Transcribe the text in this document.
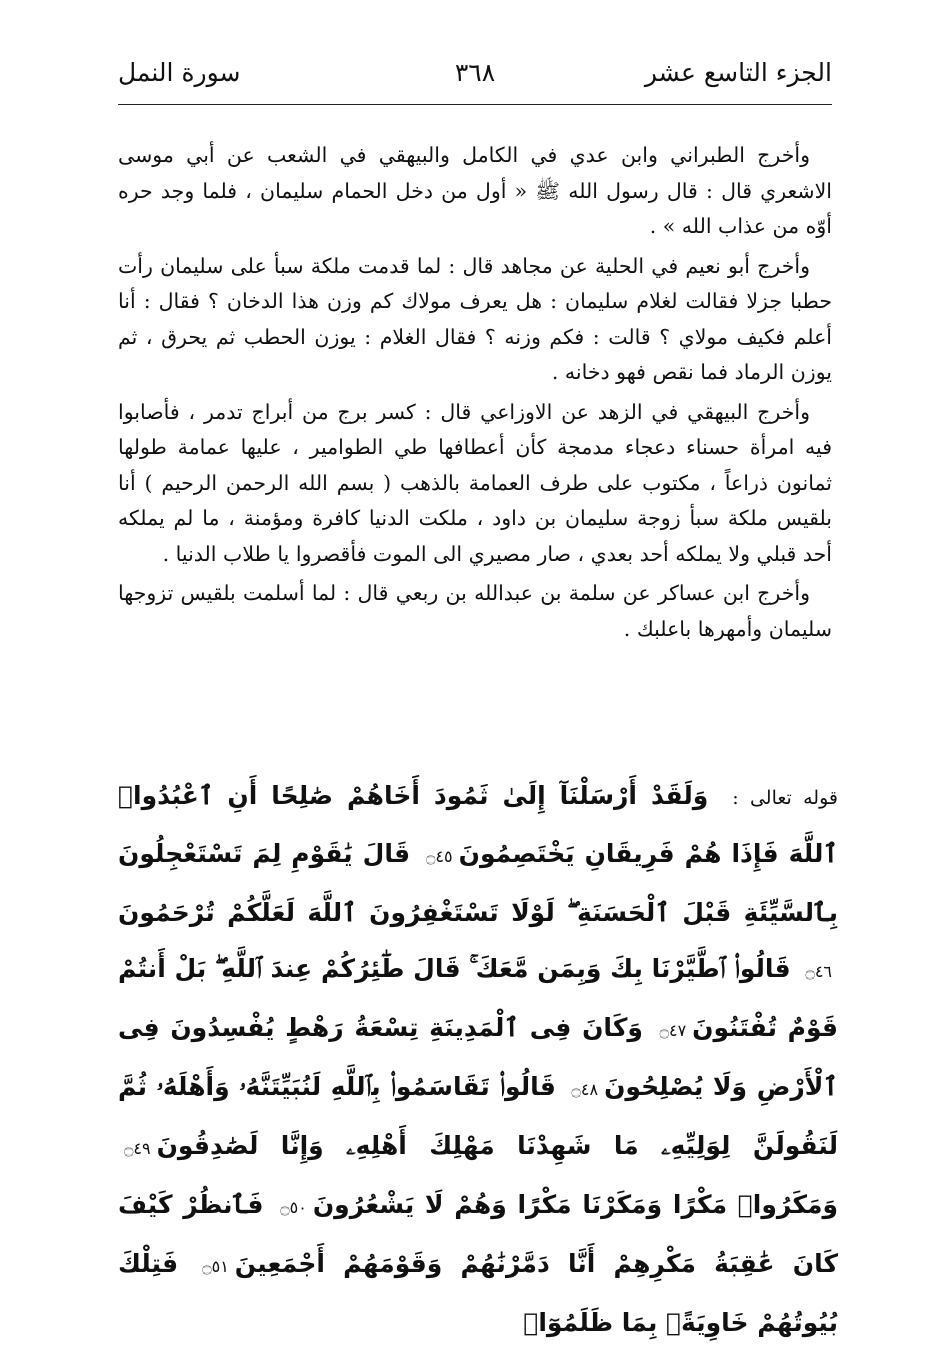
الجزء التاسع عشر
٣٦٨
سورة النمل

وأخرج الطبراني وابن عدي في الكامل والبيهقي في الشعب عن أبي موسى الاشعري قال : قال رسول الله ﷺ « أول من دخل الحمام سليمان ، فلما وجد حره أوّه من عذاب الله » .

وأخرج أبو نعيم في الحلية عن مجاهد قال : لما قدمت ملكة سبأ على سليمان رأت حطبا جزلا فقالت لغلام سليمان : هل يعرف مولاك كم وزن هذا الدخان ؟ فقال : أنا أعلم فكيف مولاي ؟ قالت : فكم وزنه ؟ فقال الغلام : يوزن الحطب ثم يحرق ، ثم يوزن الرماد فما نقص فهو دخانه .

وأخرج البيهقي في الزهد عن الاوزاعي قال : كسر برج من أبراج تدمر ، فأصابوا فيه امرأة حسناء دعجاء مدمجة كأن أعطافها طي الطوامير ، عليها عمامة طولها ثمانون ذراعاً ، مكتوب على طرف العمامة بالذهب ( بسم الله الرحمن الرحيم ) أنا بلقيس ملكة سبأ زوجة سليمان بن داود ، ملكت الدنيا كافرة ومؤمنة ، ما لم يملكه أحد قبلي ولا يملكه أحد بعدي ، صار مصيري الى الموت فأقصروا يا طلاب الدنيا .

وأخرج ابن عساكر عن سلمة بن عبدالله بن ربعي قال : لما أسلمت بلقيس تزوجها سليمان وأمهرها باعلبك .

قوله تعالى : وَلَقَدْ أَرْسَلْنَآ إِلَىٰ ثَمُودَ أَخَاهُمْ صَٰلِحًا أَنِ ٱعْبُدُوا۟ ٱللَّهَ فَإِذَا هُمْ فَرِيقَانِ يَخْتَصِمُونَ۝٤٥ قَالَ يَٰقَوْمِ لِمَ تَسْتَعْجِلُونَ بِٱلسَّيِّئَةِ قَبْلَ ٱلْحَسَنَةِ ۖ لَوْلَا تَسْتَغْفِرُونَ ٱللَّهَ لَعَلَّكُمْ تُرْحَمُونَ۝٤٦ قَالُوا۟ ٱطَّيَّرْنَا بِكَ وَبِمَن مَّعَكَ ۚ قَالَ طَٰٓئِرُكُمْ عِندَ ٱللَّهِ ۖ بَلْ أَنتُمْ قَوْمٌ تُفْتَنُونَ۝٤٧ وَكَانَ فِى ٱلْمَدِينَةِ تِسْعَةُ رَهْطٍ يُفْسِدُونَ فِى ٱلْأَرْضِ وَلَا يُصْلِحُونَ۝٤٨ قَالُوا۟ تَقَاسَمُوا۟ بِٱللَّهِ لَنُبَيِّتَنَّهُۥ وَأَهْلَهُۥ ثُمَّ لَنَقُولَنَّ لِوَلِيِّهِۦ مَا شَهِدْنَا مَهْلِكَ أَهْلِهِۦ وَإِنَّا لَصَٰدِقُونَ۝٤٩ وَمَكَرُوا۟ مَكْرًا وَمَكَرْنَا مَكْرًا وَهُمْ لَا يَشْعُرُونَ۝٥٠ فَٱنظُرْ كَيْفَ كَانَ عَٰقِبَةُ مَكْرِهِمْ أَنَّا دَمَّرْنَٰهُمْ وَقَوْمَهُمْ أَجْمَعِينَ۝٥١ فَتِلْكَ بُيُوتُهُمْ خَاوِيَةًۢ بِمَا ظَلَمُوٓا۟
